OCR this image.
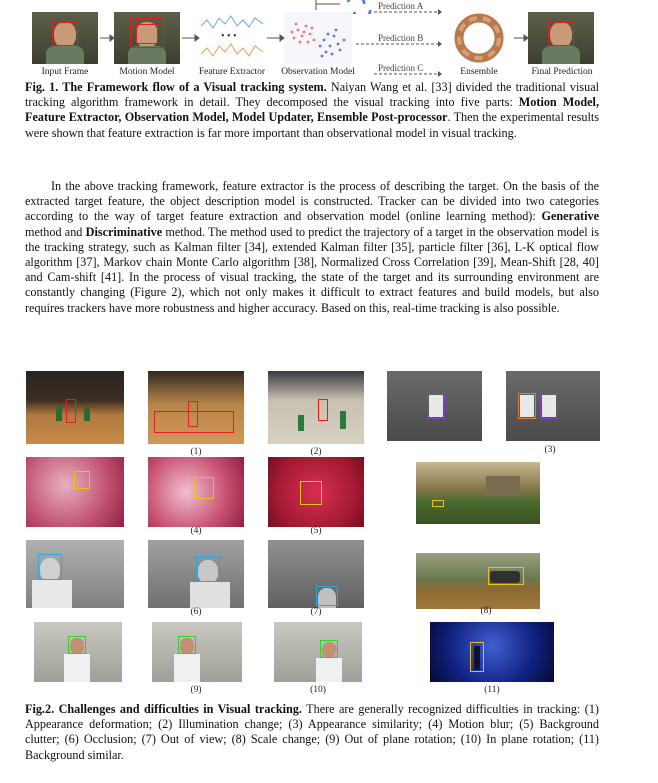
• • •
Prediction A
Prediction B
Prediction C
Input Frame	Motion Model	Feature Extractor	Observation Model	Ensemble	Final Prediction

Fig. 1. The Framework flow of a Visual tracking system. Naiyan Wang et al. [33] divided the traditional visual tracking algorithm framework in detail. They decomposed the visual tracking into five parts: Motion Model, Feature Extractor, Observation Model, Model Updater, Ensemble Post-processor. Then the experimental results were shown that feature extraction is far more important than observational model in visual tracking.

In the above tracking framework, feature extractor is the process of describing the target. On the basis of the extracted target feature, the object description model is constructed. Tracker can be divided into two categories according to the way of target feature extraction and observation model (online learning method): Generative method and Discriminative method. The method used to predict the trajectory of a target in the observation model is the tracking strategy, such as Kalman filter [34], extended Kalman filter [35], particle filter [36], L-K optical flow algorithm [37], Markov chain Monte Carlo algorithm [38], Normalized Cross Correlation [39], Mean-Shift [28, 40] and Cam-shift [41]. In the process of visual tracking, the state of the target and its surrounding environment are constantly changing (Figure 2), which not only makes it difficult to extract features and build models, but also requires trackers have more robustness and higher accuracy. Based on this, real-time tracking is also possible.

(1)	(2)	(3)
(4)	(5)
(6)	(7)	(8)
(9)	(10)	(11)

Fig.2. Challenges and difficulties in Visual tracking. There are generally recognized difficulties in tracking: (1) Appearance deformation; (2) Illumination change; (3) Appearance similarity; (4) Motion blur; (5) Background clutter; (6) Occlusion; (7) Out of view; (8) Scale change; (9) Out of plane rotation; (10) In plane rotation; (11) Background similar.
